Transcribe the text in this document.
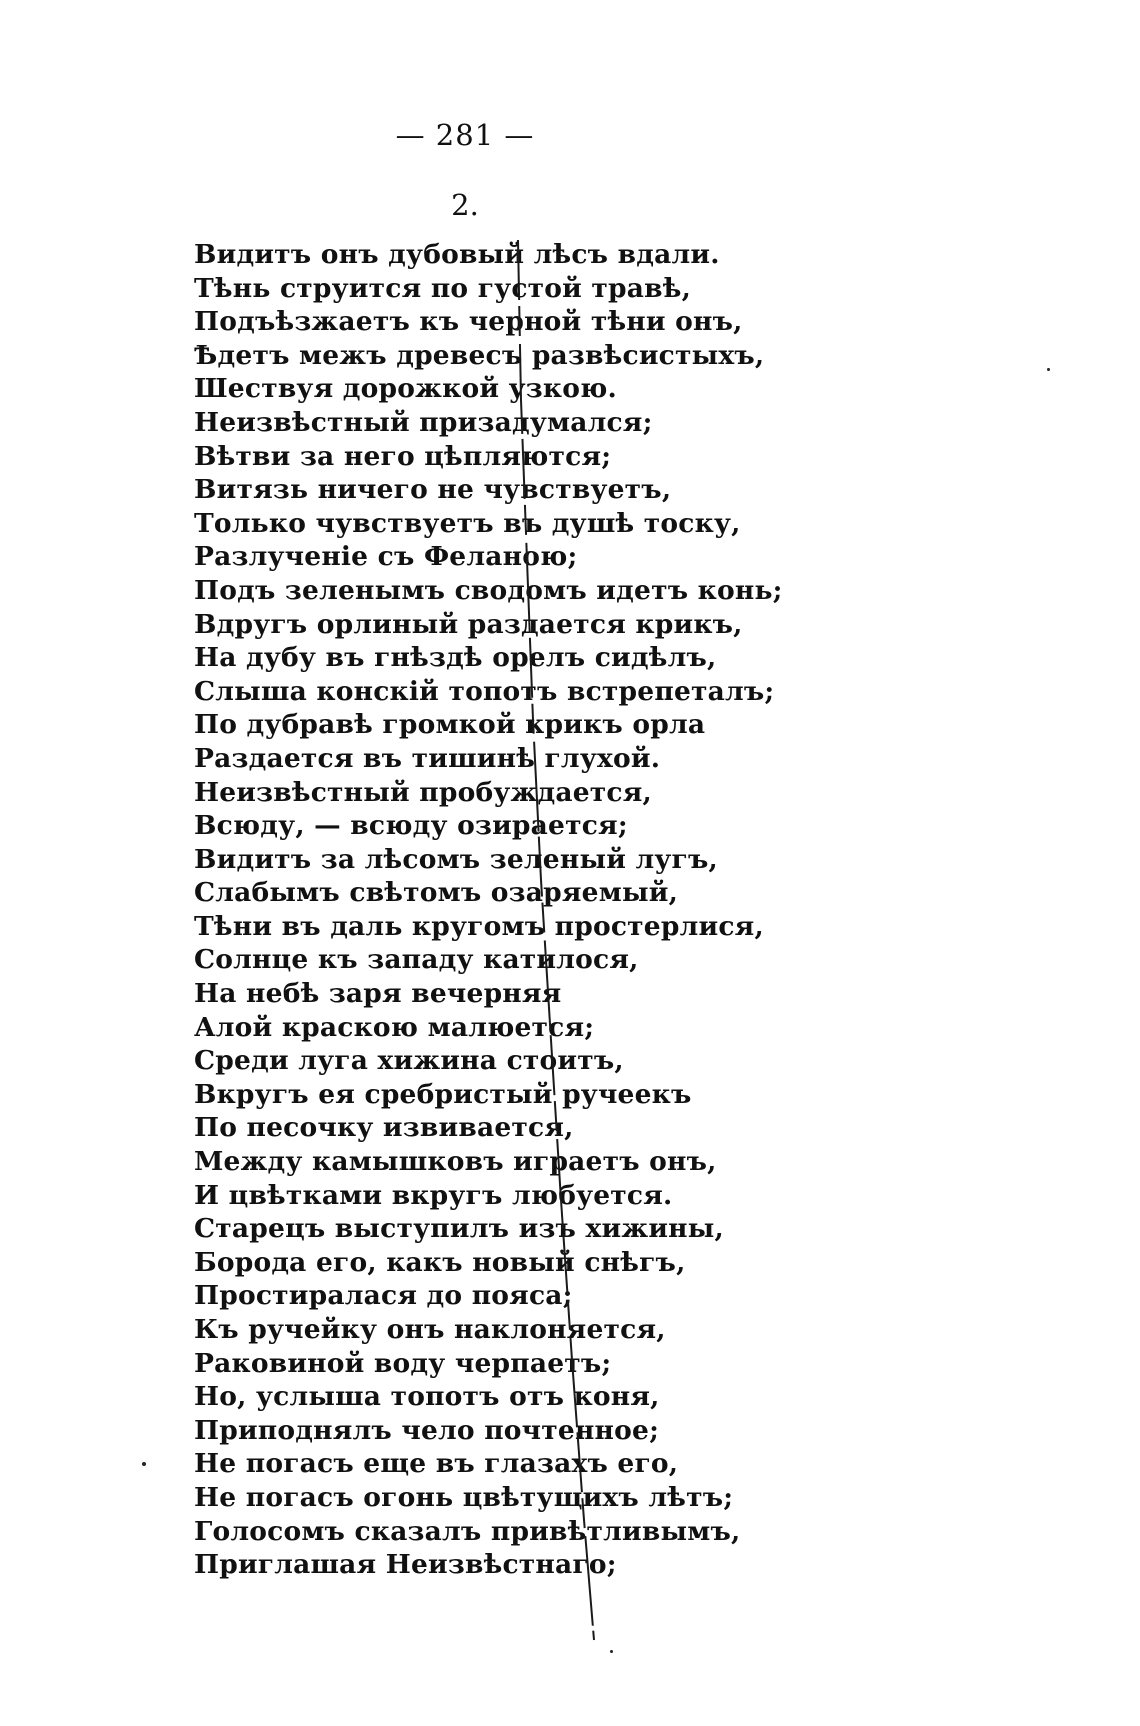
— 281 —
2.
Видитъ онъ дубовый лѣсъ вдали.
Тѣнь струится по густой травѣ,
Подъѣзжаетъ къ черной тѣни онъ,
Ѣдетъ межъ древесъ развѣсистыхъ,
Шествуя дорожкой узкою.
Неизвѣстный призадумался;
Вѣтви за него цѣпляются;
Витязь ничего не чувствуетъ,
Только чувствуетъ въ душѣ тоску,
Разлученіе съ Феланою;
Подъ зеленымъ сводомъ идетъ конь;
Вдругъ орлиный раздается крикъ,
На дубу въ гнѣздѣ орелъ сидѣлъ,
Слыша конскій топотъ встрепеталъ;
По дубравѣ громкой крикъ орла
Раздается въ тишинѣ глухой.
Неизвѣстный пробуждается,
Всюду, — всюду озирается;
Видитъ за лѣсомъ зеленый лугъ,
Слабымъ свѣтомъ озаряемый,
Тѣни въ даль кругомъ простерлися,
Солнце къ западу катилося,
На небѣ заря вечерняя
Алой краскою малюется;
Среди луга хижина стоитъ,
Вкругъ ея сребристый ручеекъ
По песочку извивается,
Между камышковъ играетъ онъ,
И цвѣтками вкругъ любуется.
Старецъ выступилъ изъ хижины,
Борода его, какъ новый снѣгъ,
Простиралася до пояса;
Къ ручейку онъ наклоняется,
Раковиной воду черпаетъ;
Но, услыша топотъ отъ коня,
Приподнялъ чело почтенное;
Не погасъ еще въ глазахъ его,
Не погасъ огонь цвѣтущихъ лѣтъ;
Голосомъ сказалъ привѣтливымъ,
Приглашая Неизвѣстнаго;
